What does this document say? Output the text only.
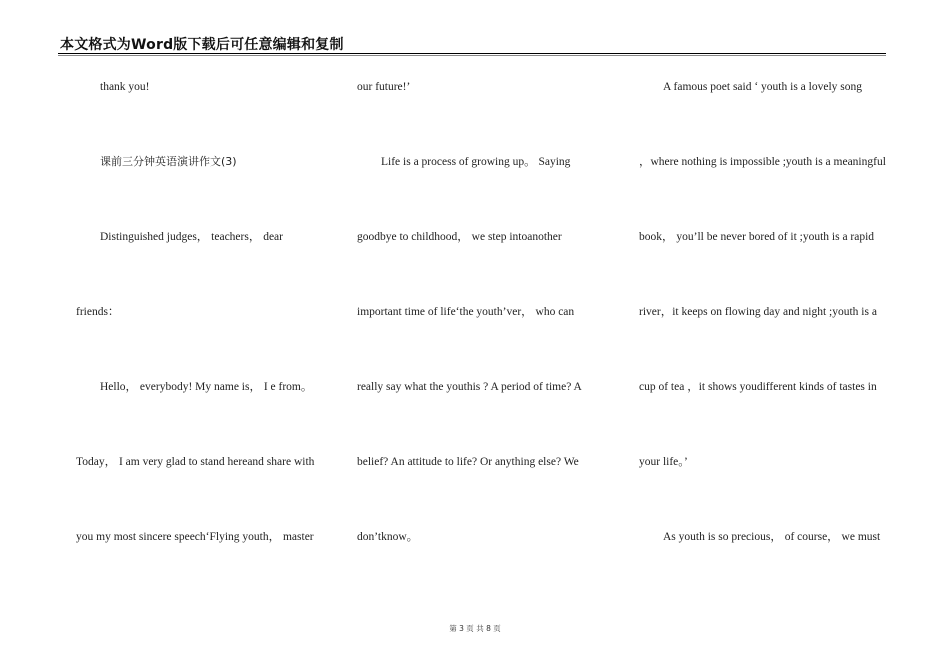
本文格式为Word版下载后可任意编辑和复制
thank you!
课前三分钟英语演讲作文(3)
Distinguished judges， teachers， dear
friends：
Hello， everybody! My name is， I e from。
Today， I am very glad to stand hereand share with
you my most sincere speech‘Flying youth， master
our future!’
Life is a process of growing up。 Saying
goodbye to childhood， we step intoanother
important time of life‘the youth’ver， who can
really say what the youthis ? A period of time? A
belief? An attitude to life? Or anything else? We
don’tknow。
A famous poet said ‘ youth is a lovely song
，where nothing is impossible ;youth is a meaningful
book， you’ll be never bored of it ;youth is a rapid
river，it keeps on flowing day and night ;youth is a
cup of tea ，it shows youdifferent kinds of tastes in
your life。’
As youth is so precious， of course， we must
第 3 页 共 8 页
